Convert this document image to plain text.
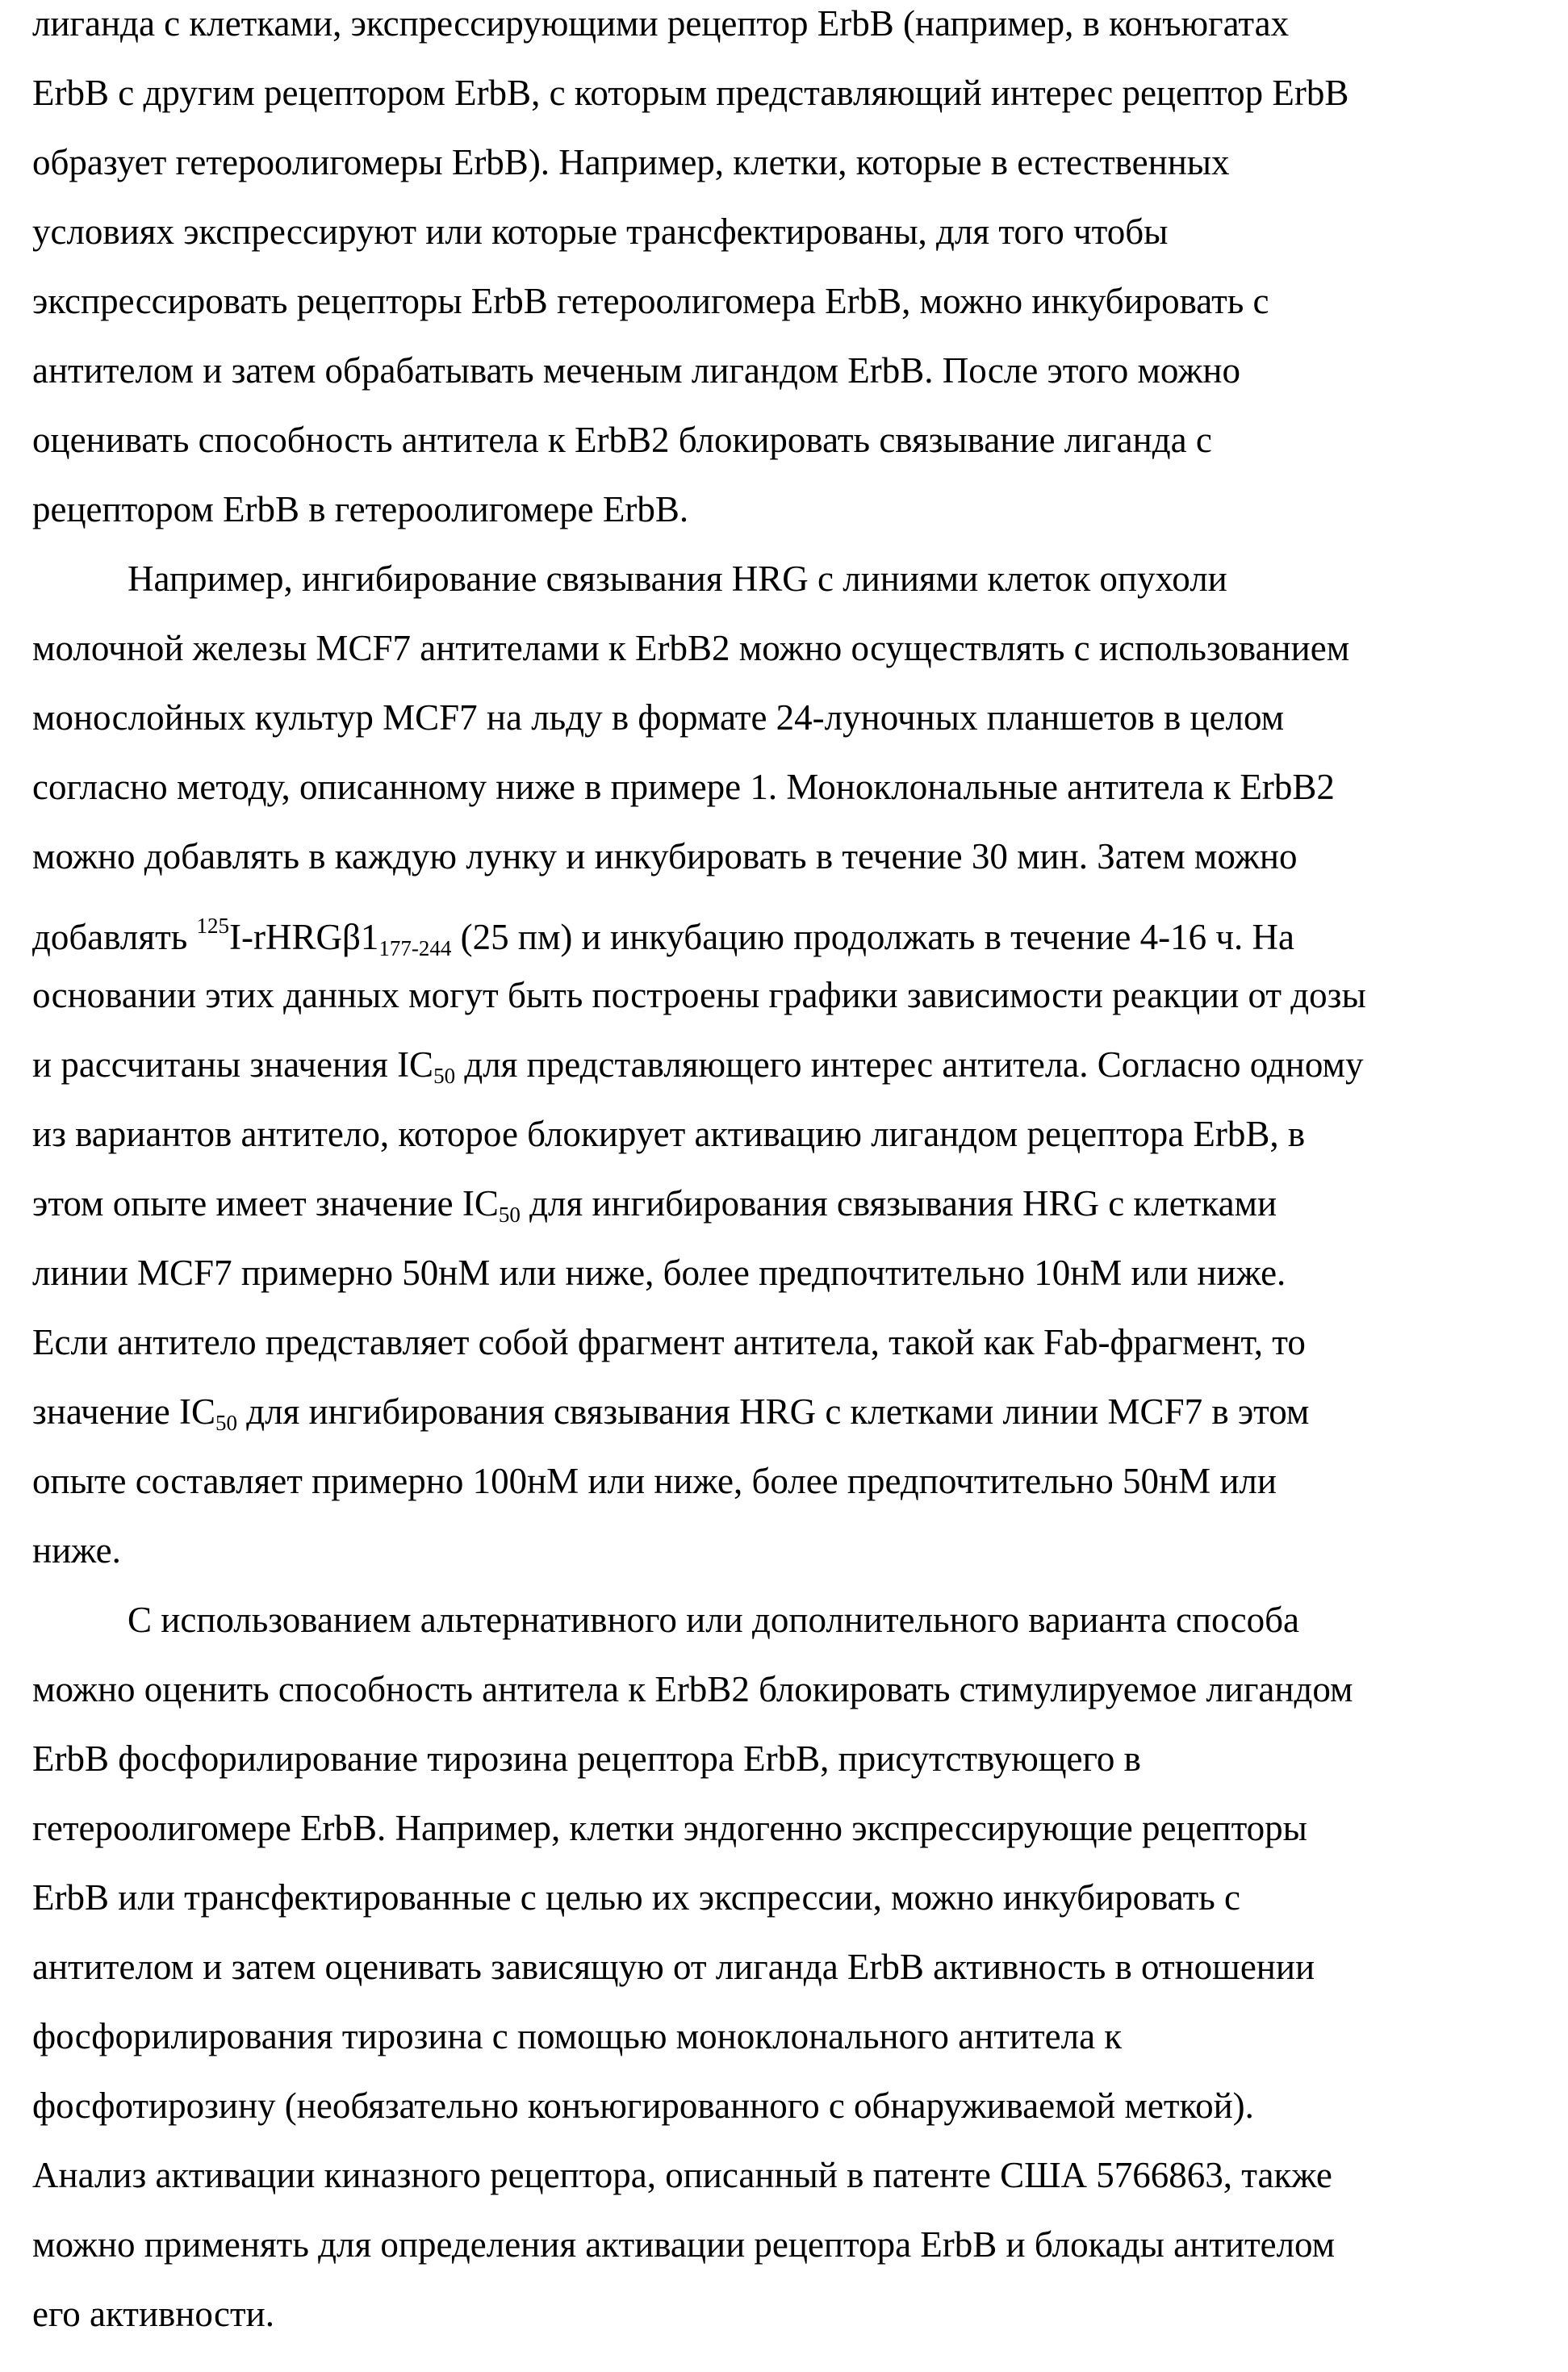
лиганда с клетками, экспрессирующими рецептор ErbB (например, в конъюгатах
ErbB с другим рецептором ErbB, с которым представляющий интерес рецептор ErbB
образует гетероолигомеры ErbB). Например, клетки, которые в естественных
условиях экспрессируют или которые трансфектированы, для того чтобы
экспрессировать рецепторы ErbB гетероолигомера ErbB, можно инкубировать с
антителом и затем обрабатывать меченым лигандом ErbB. После этого можно
оценивать способность антитела к ErbB2 блокировать связывание лиганда с
рецептором ErbB в гетероолигомере ErbB.
Например, ингибирование связывания HRG с линиями клеток опухоли
молочной железы MCF7 антителами к ErbB2 можно осуществлять с использованием
монослойных культур MCF7 на льду в формате 24-луночных планшетов в целом
согласно методу, описанному ниже в примере 1. Моноклональные антитела к ErbB2
можно добавлять в каждую лунку и инкубировать в течение 30 мин. Затем можно
добавлять 125I-rHRGβ1177-244 (25 пм) и инкубацию продолжать в течение 4-16 ч. На
основании этих данных могут быть построены графики зависимости реакции от дозы
и рассчитаны значения IC50 для представляющего интерес антитела. Согласно одному
из вариантов антитело, которое блокирует активацию лигандом рецептора ErbB, в
этом опыте имеет значение IC50 для ингибирования связывания HRG с клетками
линии MCF7 примерно 50нМ или ниже, более предпочтительно 10нМ или ниже.
Если антитело представляет собой фрагмент антитела, такой как Fab-фрагмент, то
значение IC50 для ингибирования связывания HRG с клетками линии MCF7 в этом
опыте составляет примерно 100нМ или ниже, более предпочтительно 50нМ или
ниже.
С использованием альтернативного или дополнительного варианта способа
можно оценить способность антитела к ErbB2 блокировать стимулируемое лигандом
ErbB фосфорилирование тирозина рецептора ErbB, присутствующего в
гетероолигомере ErbB. Например, клетки эндогенно экспрессирующие рецепторы
ErbB или трансфектированные с целью их экспрессии, можно инкубировать с
антителом и затем оценивать зависящую от лиганда ErbB активность в отношении
фосфорилирования тирозина с помощью моноклонального антитела к
фосфотирозину (необязательно конъюгированного с обнаруживаемой меткой).
Анализ активации киназного рецептора, описанный в патенте США 5766863, также
можно применять для определения активации рецептора ErbB и блокады антителом
его активности.
